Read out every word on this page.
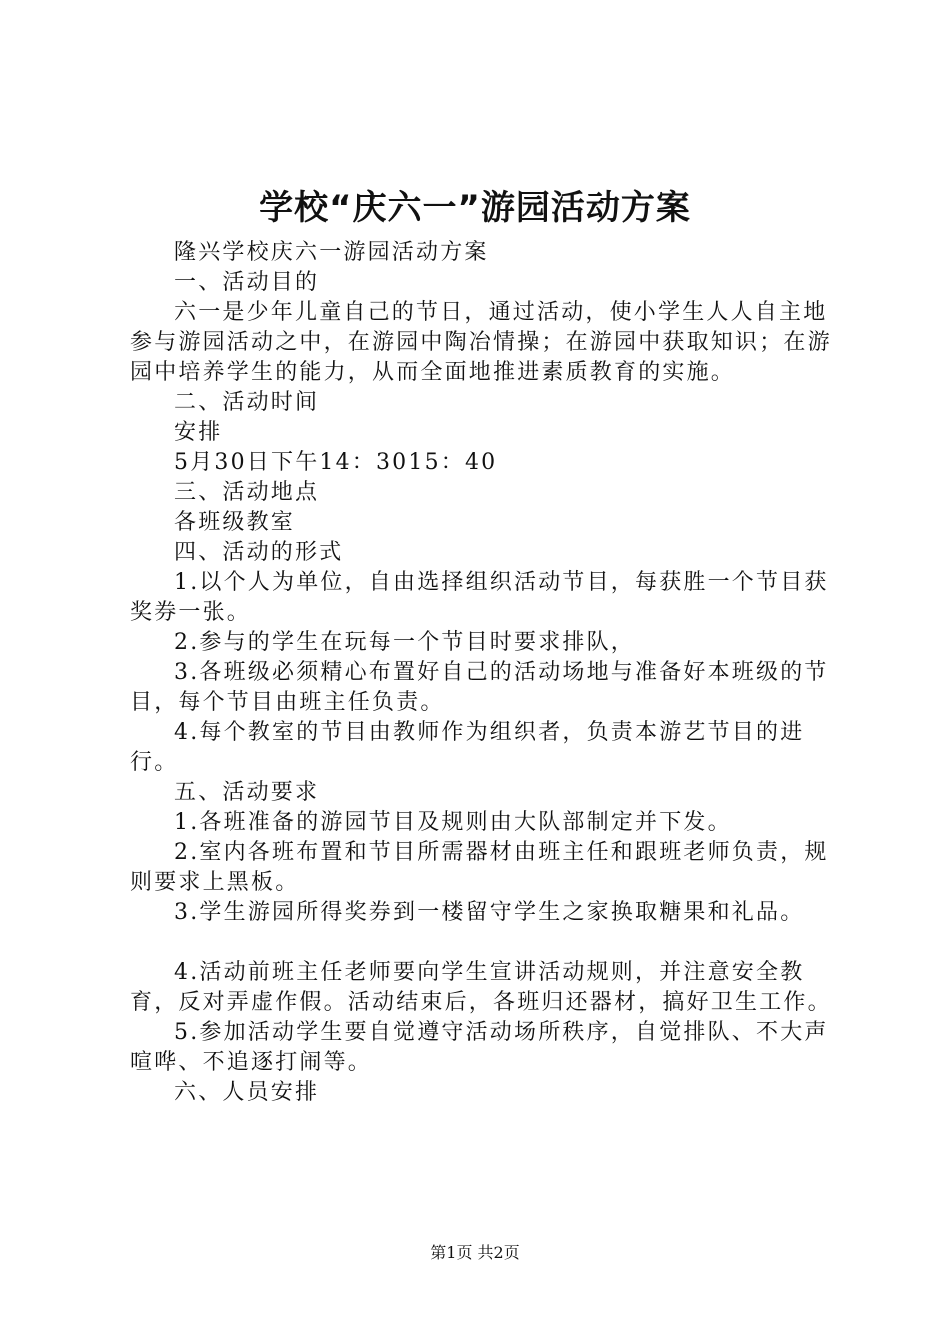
学校“庆六一”游园活动方案

隆兴学校庆六一游园活动方案

一、活动目的

六一是少年儿童自己的节日，通过活动，使小学生人人自主地参与游园活动之中，在游园中陶冶情操；在游园中获取知识；在游园中培养学生的能力，从而全面地推进素质教育的实施。

二、活动时间

安排

5月30日下午14：3015：40

三、活动地点

各班级教室

四、活动的形式

1.以个人为单位，自由选择组织活动节目，每获胜一个节目获奖券一张。

2.参与的学生在玩每一个节目时要求排队，

3.各班级必须精心布置好自己的活动场地与准备好本班级的节目，每个节目由班主任负责。

4.每个教室的节目由教师作为组织者，负责本游艺节目的进行。

五、活动要求

1.各班准备的游园节目及规则由大队部制定并下发。

2.室内各班布置和节目所需器材由班主任和跟班老师负责，规则要求上黑板。

3.学生游园所得奖券到一楼留守学生之家换取糖果和礼品。

4.活动前班主任老师要向学生宣讲活动规则，并注意安全教育，反对弄虚作假。活动结束后，各班归还器材，搞好卫生工作。

5.参加活动学生要自觉遵守活动场所秩序，自觉排队、不大声喧哗、不追逐打闹等。

六、人员安排

第1页 共2页
